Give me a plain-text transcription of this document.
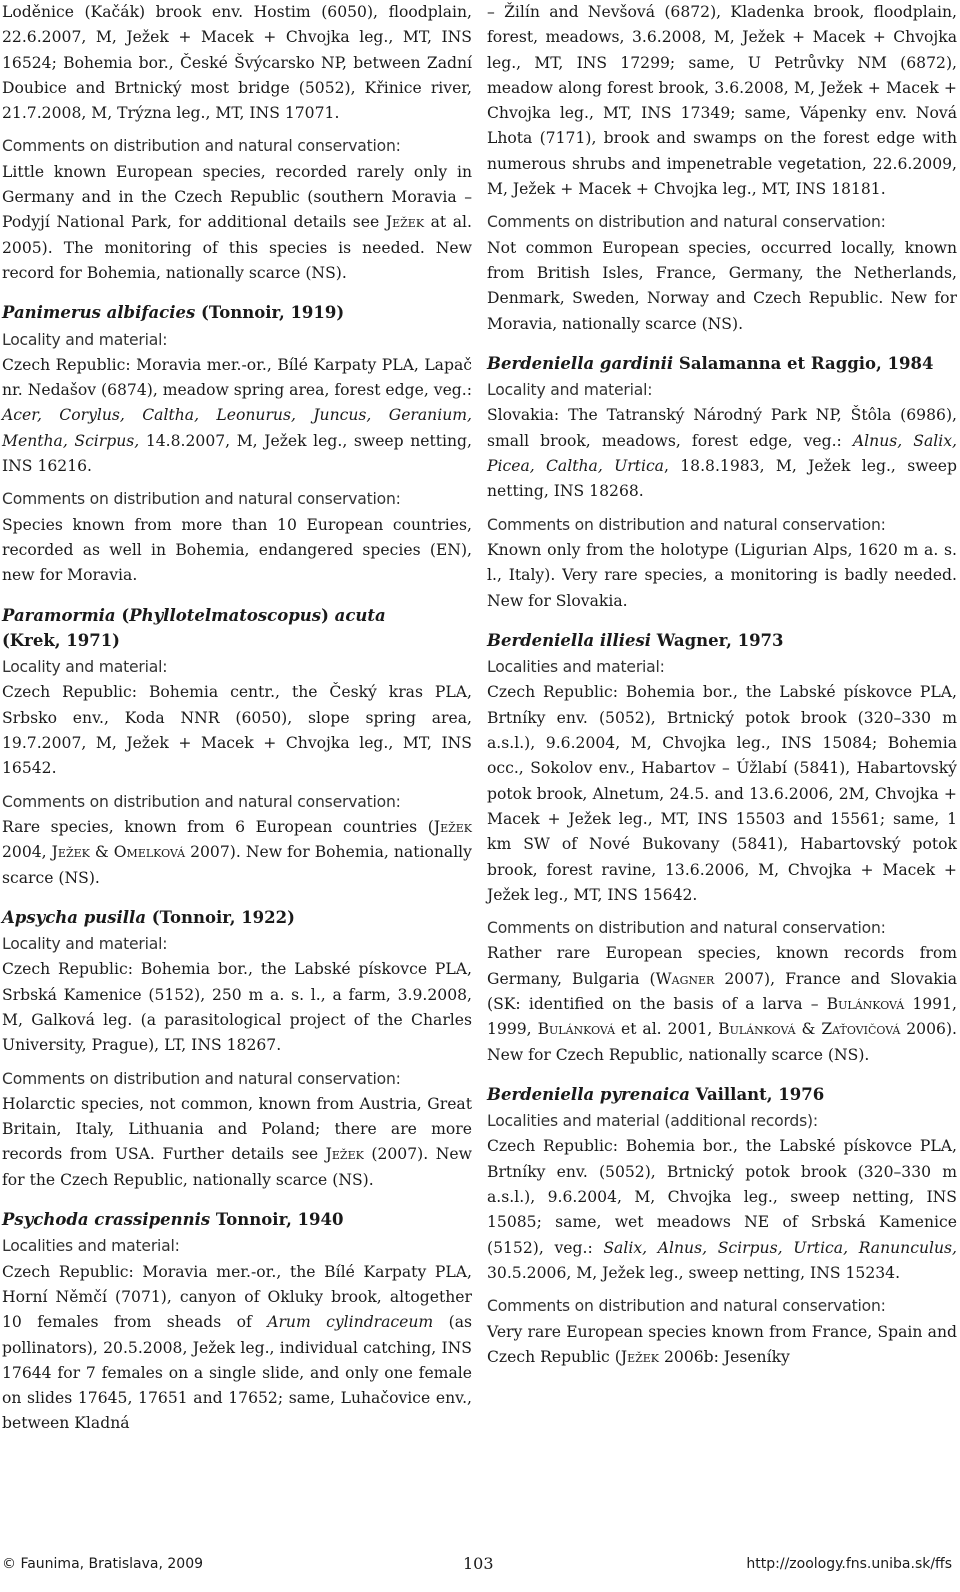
Loděnice (Kačák) brook env. Hostim (6050), floodplain, 22.6.2007, M, Ježek + Macek + Chvojka leg., MT, INS 16524; Bohemia bor., České Švýcarsko NP, between Zadní Doubice and Brtnický most bridge (5052), Křinice river, 21.7.2008, M, Trýzna leg., MT, INS 17071.

Comments on distribution and natural conservation:

Little known European species, recorded rarely only in Germany and in the Czech Republic (southern Moravia – Podyjí National Park, for additional details see Ježek at al. 2005). The monitoring of this species is needed. New record for Bohemia, nationally scarce (NS).

Panimerus albifacies (Tonnoir, 1919)

Locality and material:

Czech Republic: Moravia mer.-or., Bílé Karpaty PLA, Lapač nr. Nedašov (6874), meadow spring area, forest edge, veg.: Acer, Corylus, Caltha, Leonurus, Juncus, Geranium, Mentha, Scirpus, 14.8.2007, M, Ježek leg., sweep netting, INS 16216.

Comments on distribution and natural conservation:

Species known from more than 10 European countries, recorded as well in Bohemia, endangered species (EN), new for Moravia.

Paramormia (Phyllotelmatoscopus) acuta
(Krek, 1971)

Locality and material:

Czech Republic: Bohemia centr., the Český kras PLA, Srbsko env., Koda NNR (6050), slope spring area, 19.7.2007, M, Ježek + Macek + Chvojka leg., MT, INS 16542.

Comments on distribution and natural conservation:

Rare species, known from 6 European countries (Ježek 2004, Ježek & Omelková 2007). New for Bohemia, nationally scarce (NS).

Apsycha pusilla (Tonnoir, 1922)

Locality and material:

Czech Republic: Bohemia bor., the Labské pískovce PLA, Srbská Kamenice (5152), 250 m a. s. l., a farm, 3.9.2008, M, Galková leg. (a parasitological project of the Charles University, Prague), LT, INS 18267.

Comments on distribution and natural conservation:

Holarctic species, not common, known from Austria, Great Britain, Italy, Lithuania and Poland; there are more records from USA. Further details see Ježek (2007). New for the Czech Republic, nationally scarce (NS).

Psychoda crassipennis Tonnoir, 1940

Localities and material:

Czech Republic: Moravia mer.-or., the Bílé Karpaty PLA, Horní Němčí (7071), canyon of Okluky brook, altogether 10 females from sheads of Arum cylindraceum (as pollinators), 20.5.2008, Ježek leg., individual catching, INS 17644 for 7 females on a single slide, and only one female on slides 17645, 17651 and 17652; same, Luhačovice env., between Kladná

– Žilín and Nevšová (6872), Kladenka brook, floodplain, forest, meadows, 3.6.2008, M, Ježek + Macek + Chvojka leg., MT, INS 17299; same, U Petrůvky NM (6872), meadow along forest brook, 3.6.2008, M, Ježek + Macek + Chvojka leg., MT, INS 17349; same, Vápenky env. Nová Lhota (7171), brook and swamps on the forest edge with numerous shrubs and impenetrable vegetation, 22.6.2009, M, Ježek + Macek + Chvojka leg., MT, INS 18181.

Comments on distribution and natural conservation:

Not common European species, occurred locally, known from British Isles, France, Germany, the Netherlands, Denmark, Sweden, Norway and Czech Republic. New for Moravia, nationally scarce (NS).

Berdeniella gardinii Salamanna et Raggio, 1984

Locality and material:

Slovakia: The Tatranský Národný Park NP, Štôla (6986), small brook, meadows, forest edge, veg.: Alnus, Salix, Picea, Caltha, Urtica, 18.8.1983, M, Ježek leg., sweep netting, INS 18268.

Comments on distribution and natural conservation:

Known only from the holotype (Ligurian Alps, 1620 m a. s. l., Italy). Very rare species, a monitoring is badly needed. New for Slovakia.

Berdeniella illiesi Wagner, 1973

Localities and material:

Czech Republic: Bohemia bor., the Labské pískovce PLA, Brtníky env. (5052), Brtnický potok brook (320–330 m a.s.l.), 9.6.2004, M, Chvojka leg., INS 15084; Bohemia occ., Sokolov env., Habartov – Úžlabí (5841), Habartovský potok brook, Alnetum, 24.5. and 13.6.2006, 2M, Chvojka + Macek + Ježek leg., MT, INS 15503 and 15561; same, 1 km SW of Nové Bukovany (5841), Habartovský potok brook, forest ravine, 13.6.2006, M, Chvojka + Macek + Ježek leg., MT, INS 15642.

Comments on distribution and natural conservation:

Rather rare European species, known records from Germany, Bulgaria (Wagner 2007), France and Slovakia (SK: identified on the basis of a larva – Bulánková 1991, 1999, Bulánková et al. 2001, Bulánková & Zaťovičová 2006). New for Czech Republic, nationally scarce (NS).

Berdeniella pyrenaica Vaillant, 1976

Localities and material (additional records):

Czech Republic: Bohemia bor., the Labské pískovce PLA, Brtníky env. (5052), Brtnický potok brook (320–330 m a.s.l.), 9.6.2004, M, Chvojka leg., sweep netting, INS 15085; same, wet meadows NE of Srbská Kamenice (5152), veg.: Salix, Alnus, Scirpus, Urtica, Ranunculus, 30.5.2006, M, Ježek leg., sweep netting, INS 15234.

Comments on distribution and natural conservation:

Very rare European species known from France, Spain and Czech Republic (Ježek 2006b: Jeseníky

© Faunima, Bratislava, 2009	103	http://zoology.fns.uniba.sk/ffs
